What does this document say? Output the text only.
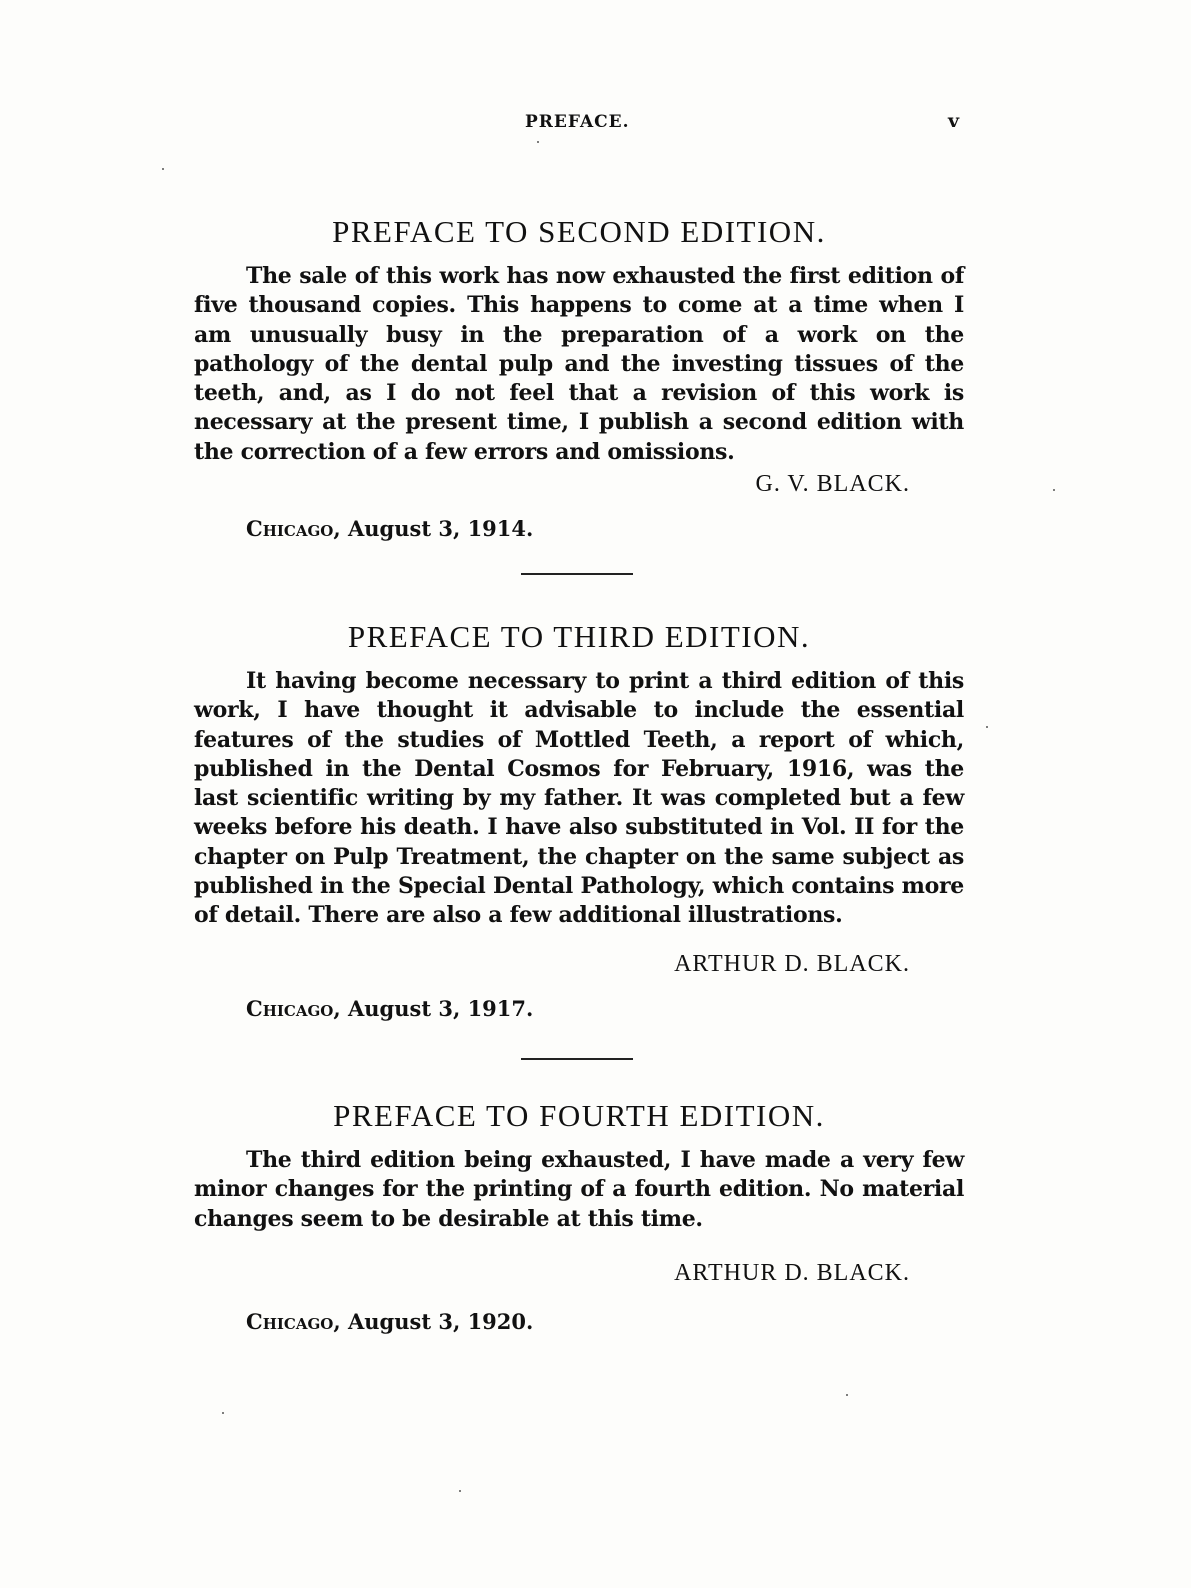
PREFACE.	v
PREFACE TO SECOND EDITION.

The sale of this work has now exhausted the first edition of five thousand copies. This happens to come at a time when I am unusually busy in the preparation of a work on the pathology of the dental pulp and the investing tissues of the teeth, and, as I do not feel that a revision of this work is necessary at the present time, I publish a second edition with the correction of a few errors and omissions.

G. V. BLACK.
Chicago, August 3, 1914.
PREFACE TO THIRD EDITION.

It having become necessary to print a third edition of this work, I have thought it advisable to include the essential features of the studies of Mottled Teeth, a report of which, published in the Dental Cosmos for February, 1916, was the last scientific writing by my father. It was completed but a few weeks before his death. I have also substituted in Vol. II for the chapter on Pulp Treatment, the chapter on the same subject as published in the Special Dental Pathology, which contains more of detail. There are also a few additional illustrations.

ARTHUR D. BLACK.
Chicago, August 3, 1917.
PREFACE TO FOURTH EDITION.

The third edition being exhausted, I have made a very few minor changes for the printing of a fourth edition. No material changes seem to be desirable at this time.

ARTHUR D. BLACK.
Chicago, August 3, 1920.
